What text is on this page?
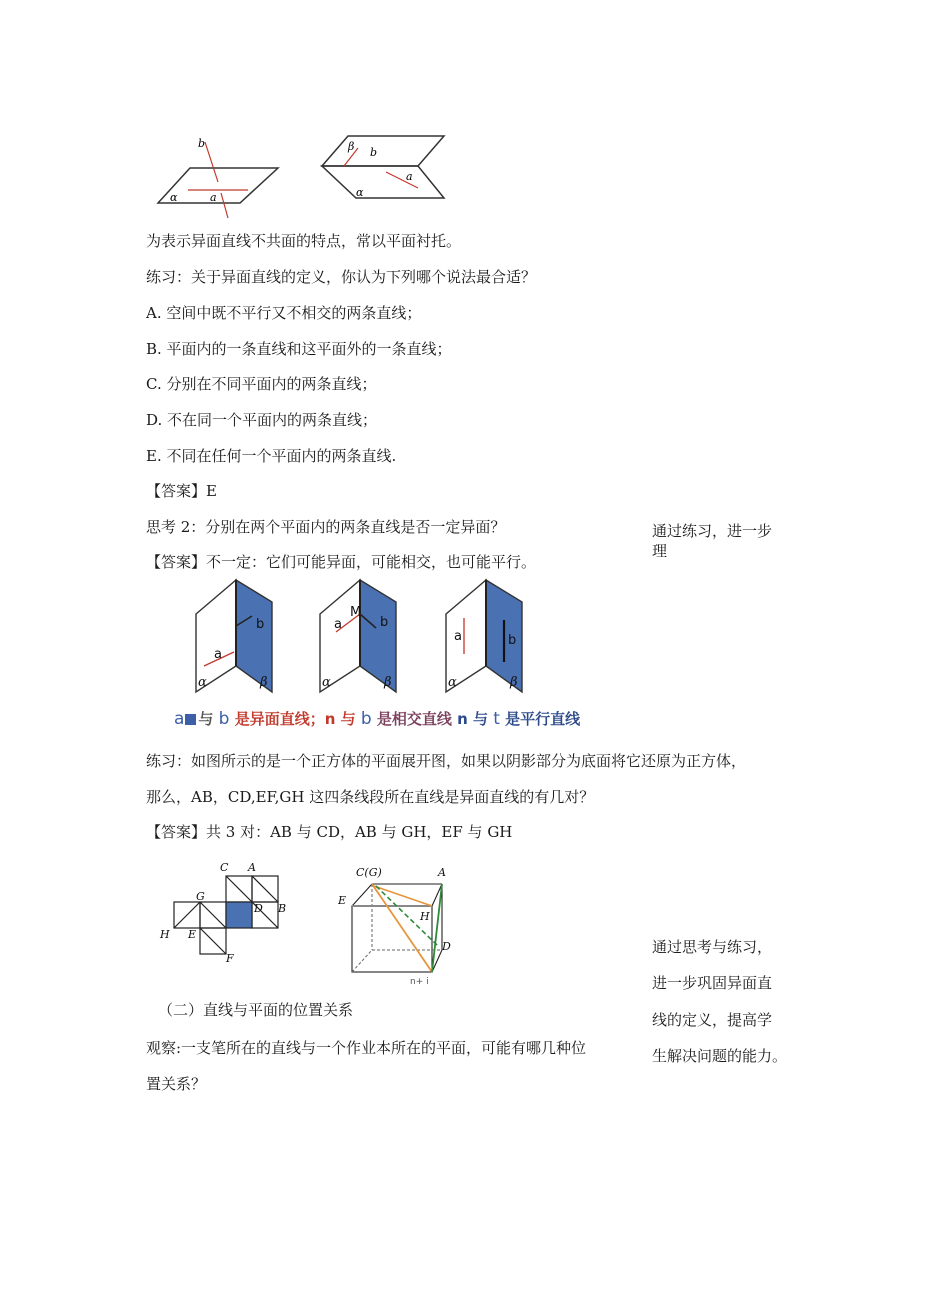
b
a
α
β b
a
α
为表示异面直线不共面的特点，常以平面衬托。
练习：关于异面直线的定义，你认为下列哪个说法最合适？
A. 空间中既不平行又不相交的两条直线；
B. 平面内的一条直线和这平面外的一条直线；
C. 分别在不同平面内的两条直线；
D. 不在同一个平面内的两条直线；
E. 不同在任何一个平面内的两条直线.
【答案】E
思考 2：分别在两个平面内的两条直线是否一定异面？
【答案】不一定：它们可能异面，可能相交，也可能平行。
通过练习，进一步
理
b
a
α	β
M
a	b
α	β
a	b
α	β
a 与 b 是异面直线；n 与 b 是相交直线 n 与 t 是平行直线
练习：如图所示的是一个正方体的平面展开图，如果以阴影部分为底面将它还原为正方体，
那么，AB，CD,EF,GH 这四条线段所在直线是异面直线的有几对？
【答案】共 3 对：AB 与 CD，AB 与 GH，EF 与 GH
C A
G
D B
H E
F
C(G)	A
E
H
D
n+ i
通过思考与练习，
进一步巩固异面直
线的定义，提高学
生解决问题的能力。
（二）直线与平面的位置关系
观察:一支笔所在的直线与一个作业本所在的平面，可能有哪几种位
置关系？
